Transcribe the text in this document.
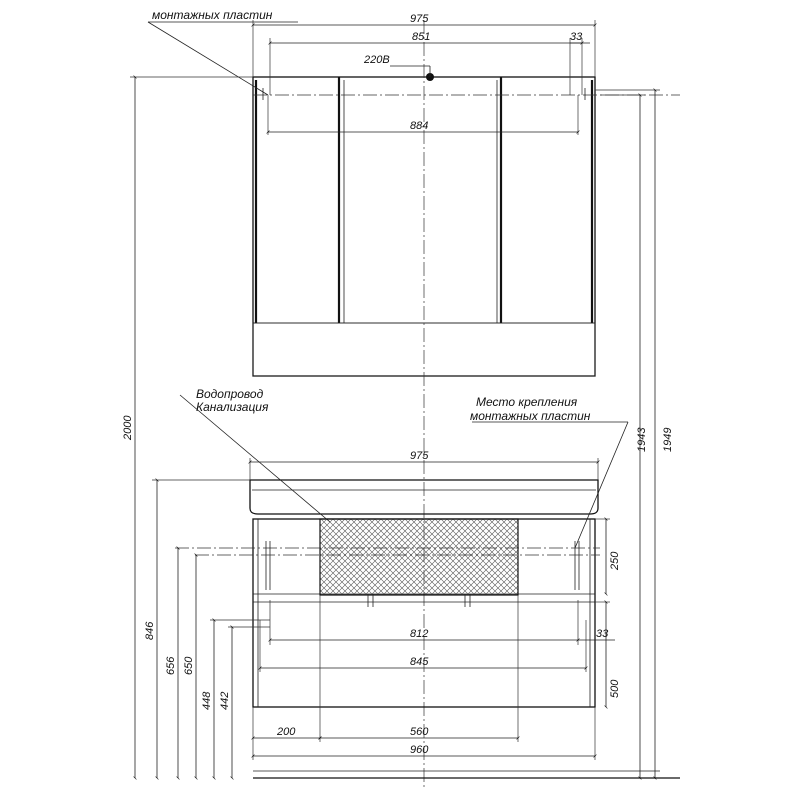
220В
975
851	33
884
монтажных пластин
975
Водопровод
Канализация	Место крепления
монтажных пластин
812	33
845
200	560
960
2000
846
656 650
448 442
1949
1943
250
500
